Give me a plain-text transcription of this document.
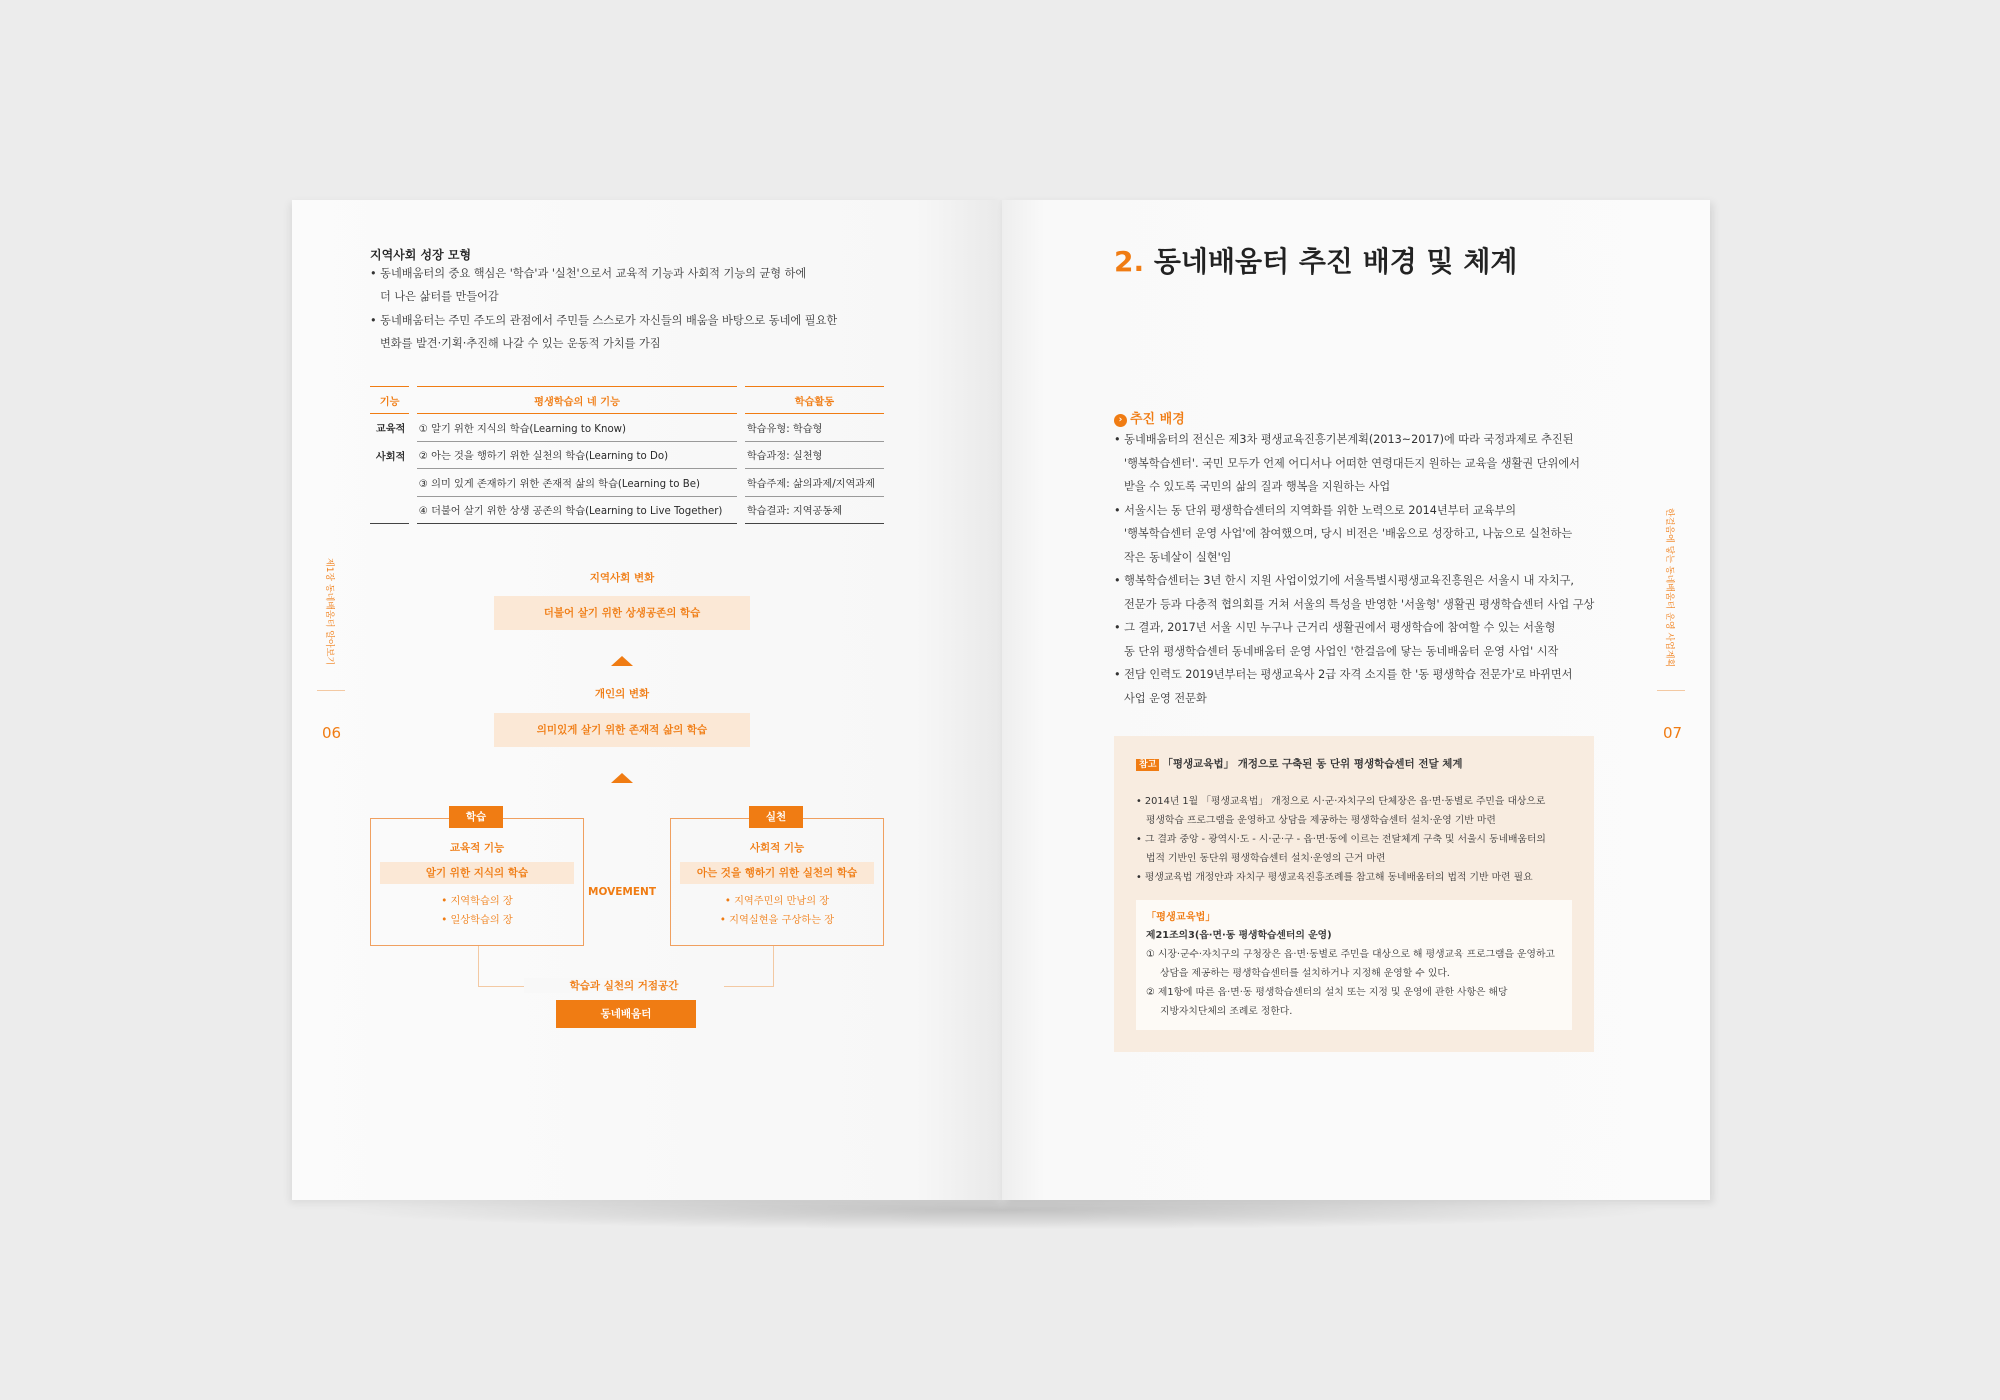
지역사회 성장 모형
• 동네배움터의 중요 핵심은 '학습'과 '실천'으로서 교육적 기능과 사회적 기능의 균형 하에
더 나은 삶터를 만들어감
• 동네배움터는 주민 주도의 관점에서 주민들 스스로가 자신들의 배움을 바탕으로 동네에 필요한
변화를 발견·기획·추진해 나갈 수 있는 운동적 가치를 가짐
기능		평생학습의 네 기능		학습활동
교육적		① 알기 위한 지식의 학습(Learning to Know)		학습유형: 학습형
사회적		② 아는 것을 행하기 위한 실천의 학습(Learning to Do)		학습과정: 실천형
		③ 의미 있게 존재하기 위한 존재적 삶의 학습(Learning to Be)		학습주제: 삶의과제/지역과제
		④ 더불어 살기 위한 상생 공존의 학습(Learning to Live Together)		학습결과: 지역공동체
지역사회 변화
더불어 살기 위한 상생공존의 학습
개인의 변화
의미있게 살기 위한 존재적 삶의 학습
학습
교육적 기능
알기 위한 지식의 학습
• 지역학습의 장
• 일상학습의 장
MOVEMENT
실천
사회적 기능
아는 것을 행하기 위한 실천의 학습
• 지역주민의 만남의 장
• 지역실현을 구상하는 장
학습과 실천의 거점공간
동네배움터
제1장 동네배움터 알아보기
06
2. 동네배움터 추진 배경 및 체계
› 추진 배경
• 동네배움터의 전신은 제3차 평생교육진흥기본계획(2013~2017)에 따라 국정과제로 추진된
'행복학습센터'. 국민 모두가 언제 어디서나 어떠한 연령대든지 원하는 교육을 생활권 단위에서
받을 수 있도록 국민의 삶의 질과 행복을 지원하는 사업
• 서울시는 동 단위 평생학습센터의 지역화를 위한 노력으로 2014년부터 교육부의
'행복학습센터 운영 사업'에 참여했으며, 당시 비전은 '배움으로 성장하고, 나눔으로 실천하는
작은 동네살이 실현'임
• 행복학습센터는 3년 한시 지원 사업이었기에 서울특별시평생교육진흥원은 서울시 내 자치구,
전문가 등과 다층적 협의회를 거쳐 서울의 특성을 반영한 '서울형' 생활권 평생학습센터 사업 구상
• 그 결과, 2017년 서울 시민 누구나 근거리 생활권에서 평생학습에 참여할 수 있는 서울형
동 단위 평생학습센터 동네배움터 운영 사업인 '한걸음에 닿는 동네배움터 운영 사업' 시작
• 전담 인력도 2019년부터는 평생교육사 2급 자격 소지를 한 '동 평생학습 전문가'로 바뀌면서
사업 운영 전문화
참고 「평생교육법」 개정으로 구축된 동 단위 평생학습센터 전달 체계
• 2014년 1월 「평생교육법」 개정으로 시·군·자치구의 단체장은 읍·면·동별로 주민을 대상으로
평생학습 프로그램을 운영하고 상담을 제공하는 평생학습센터 설치·운영 기반 마련
• 그 결과 중앙 - 광역시·도 - 시·군·구 - 읍·면·동에 이르는 전달체계 구축 및 서울시 동네배움터의
법적 기반인 동단위 평생학습센터 설치·운영의 근거 마련
• 평생교육법 개정안과 자치구 평생교육진흥조례를 참고해 동네배움터의 법적 기반 마련 필요
「평생교육법」
제21조의3(읍·면·동 평생학습센터의 운영)
① 시장·군수·자치구의 구청장은 읍·면·동별로 주민을 대상으로 해 평생교육 프로그램을 운영하고
상담을 제공하는 평생학습센터를 설치하거나 지정해 운영할 수 있다.
② 제1항에 따른 읍·면·동 평생학습센터의 설치 또는 지정 및 운영에 관한 사항은 해당
지방자치단체의 조례로 정한다.
한걸음에 닿는 동네배움터 운영 사업계획
07
